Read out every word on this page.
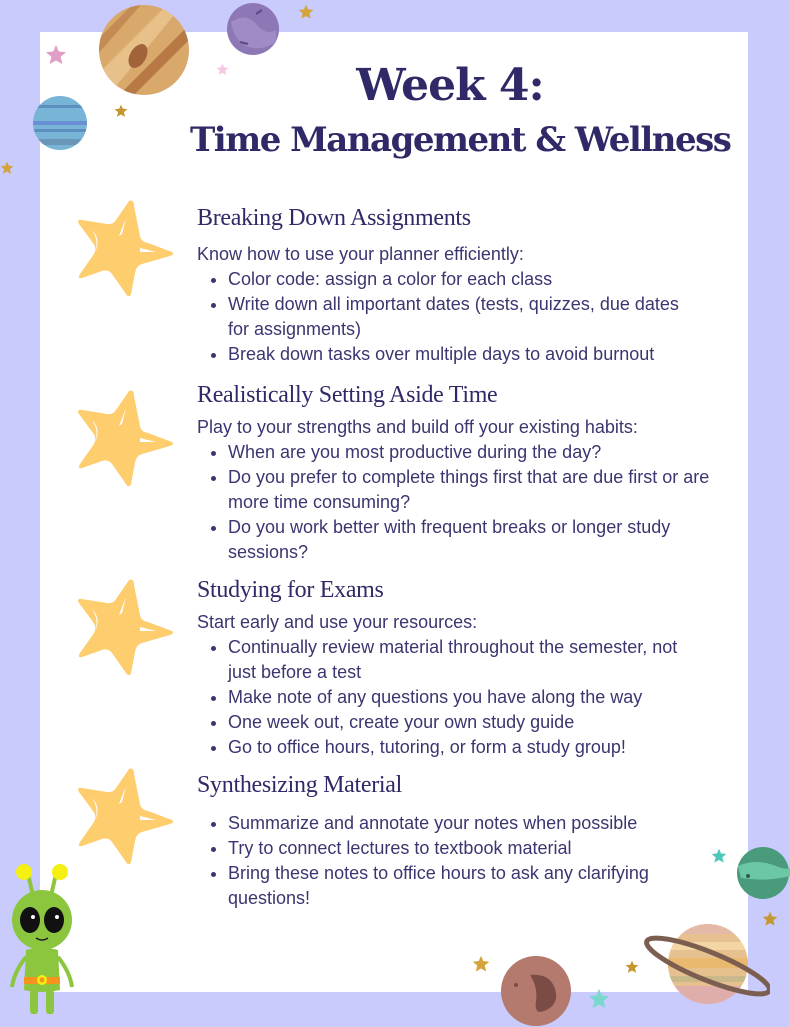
Week 4:
Time Management & Wellness
Breaking Down Assignments
Know how to use your planner efficiently:
Color code: assign a color for each class
Write down all important dates (tests, quizzes, due dates for assignments)
Break down tasks over multiple days to avoid burnout
Realistically Setting Aside Time
Play to your strengths and build off your existing habits:
When are you most productive during the day?
Do you prefer to complete things first that are due first or are more time consuming?
Do you work better with frequent breaks or longer study sessions?
Studying for Exams
Start early and use your resources:
Continually review material throughout the semester, not just before a test
Make note of any questions you have along the way
One week out, create your own study guide
Go to office hours, tutoring, or form a study group!
Synthesizing Material
Summarize and annotate your notes when possible
Try to connect lectures to textbook material
Bring these notes to office hours to ask any clarifying questions!
